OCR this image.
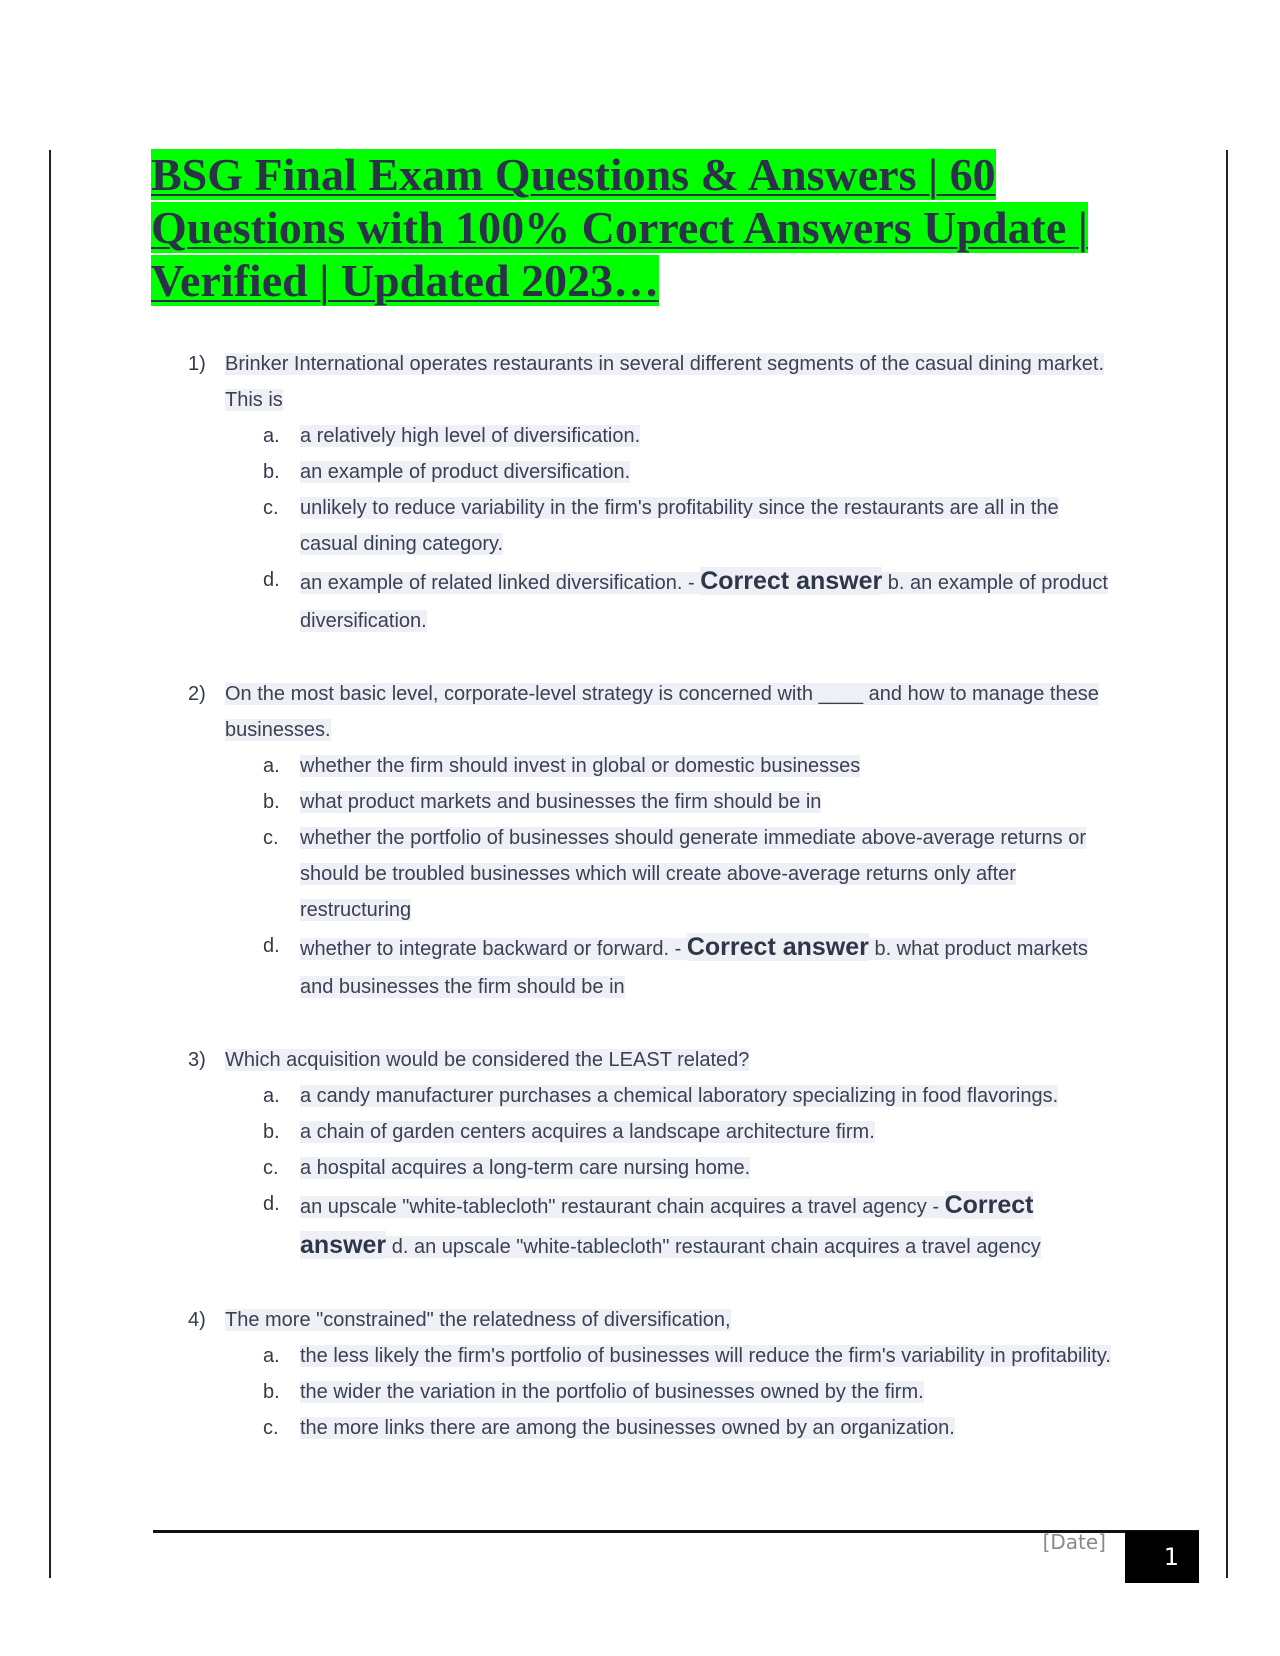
BSG Final Exam Questions & Answers | 60
Questions with 100% Correct Answers Update |
Verified | Updated 2023…
1) Brinker International operates restaurants in several different segments of the casual dining market. This is
a. a relatively high level of diversification.
b. an example of product diversification.
c. unlikely to reduce variability in the firm's profitability since the restaurants are all in the casual dining category.
d. an example of related linked diversification. - Correct answer b. an example of product diversification.
2) On the most basic level, corporate-level strategy is concerned with ____ and how to manage these businesses.
a. whether the firm should invest in global or domestic businesses
b. what product markets and businesses the firm should be in
c. whether the portfolio of businesses should generate immediate above-average returns or should be troubled businesses which will create above-average returns only after restructuring
d. whether to integrate backward or forward. - Correct answer b. what product markets and businesses the firm should be in
3) Which acquisition would be considered the LEAST related?
a. a candy manufacturer purchases a chemical laboratory specializing in food flavorings.
b. a chain of garden centers acquires a landscape architecture firm.
c. a hospital acquires a long-term care nursing home.
d. an upscale "white-tablecloth" restaurant chain acquires a travel agency - Correct answer d. an upscale "white-tablecloth" restaurant chain acquires a travel agency
4) The more "constrained" the relatedness of diversification,
a. the less likely the firm's portfolio of businesses will reduce the firm's variability in profitability.
b. the wider the variation in the portfolio of businesses owned by the firm.
c. the more links there are among the businesses owned by an organization.
[Date]
1
